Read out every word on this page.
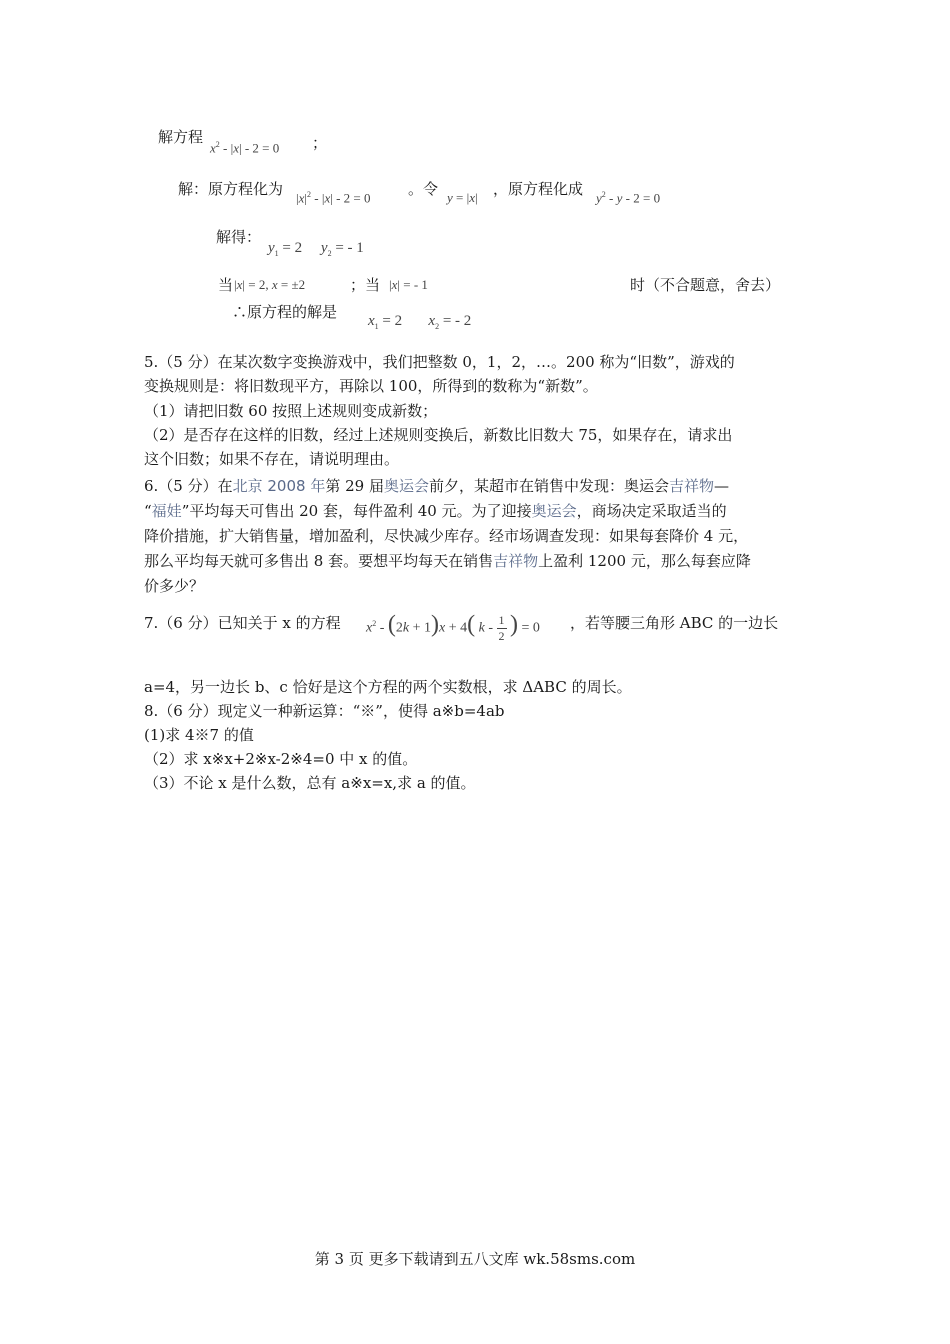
解方程
$x^2 - |x| - 2 = 0$ ；
解：原方程化为 $|x|^2 - |x| - 2 = 0$	。令 y = |x| ，原方程化成 $y^2 - y - 2 = 0$
解得：
$y_1 = 2$     $y_2$ = - 1
当 |x| = 2, x = ±2	；当 |x| = - 1	时（不合题意，舍去）
∴原方程的解是 $x_1 = 2$       $x_2$ = - 2
5.（5 分）在某次数字变换游戏中，我们把整数 0，1，2，…。200 称为“旧数”，游戏的
变换规则是：将旧数现平方，再除以 100，所得到的数称为“新数”。
（1）请把旧数 60 按照上述规则变成新数；
（2）是否存在这样的旧数，经过上述规则变换后，新数比旧数大 75，如果存在，请求出
这个旧数；如果不存在，请说明理由。
6.（5 分）在北京 2008 年第 29 届奥运会前夕，某超市在销售中发现：奥运会吉祥物—
“福娃”平均每天可售出 20 套，每件盈利 40 元。为了迎接奥运会，商场决定采取适当的
降价措施，扩大销售量，增加盈利，尽快减少库存。经市场调查发现：如果每套降价 4 元，
那么平均每天就可多售出 8 套。要想平均每天在销售吉祥物上盈利 1200 元，那么每套应降
价多少？
7.（6 分）已知关于 x 的方程 $x^2 - (2k + 1)x + 4$( k - $\frac{1}{2}$ ) = 0 ，若等腰三角形 ABC 的一边长
a=4，另一边长 b、c 恰好是这个方程的两个实数根，求 ΔABC 的周长。
8.（6 分）现定义一种新运算：“※”，使得 a※b=4ab
(1)求 4※7 的值
（2）求 x※x+2※x-2※4=0 中 x 的值。
（3）不论 x 是什么数，总有 a※x=x,求 a 的值。
第 3 页 更多下载请到五八文库 wk.58sms.com
